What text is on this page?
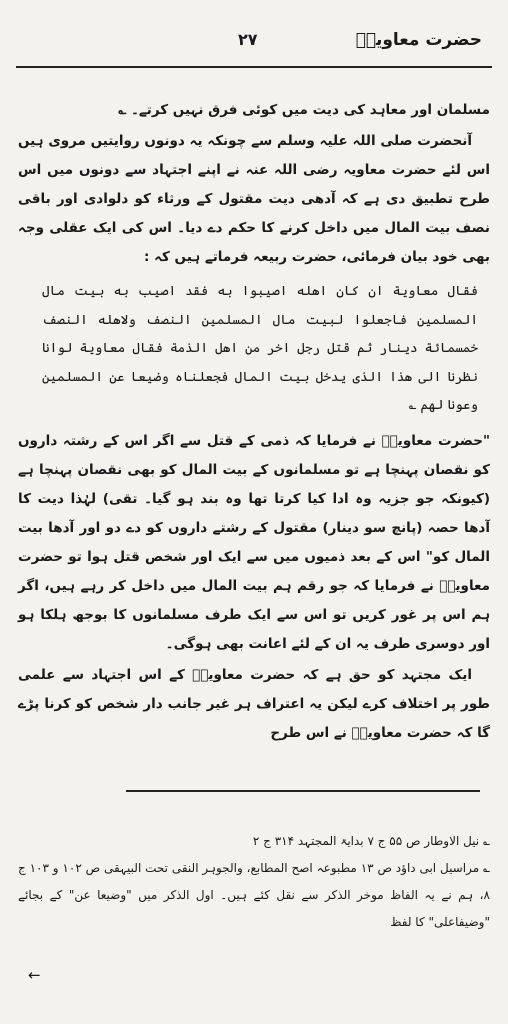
حضرت معاویہؓ
۲۷

مسلمان اور معاہد کی دیت میں کوئی فرق نہیں کرتے۔ ؎

آنحضرت صلی اللہ علیہ وسلم سے چونکہ یہ دونوں روایتیں مروی ہیں اس لئے حضرت معاویہ رضی اللہ عنہ نے اپنے اجتہاد سے دونوں میں اس طرح تطبیق دی ہے کہ آدھی دیت مقتول کے ورثاء کو دلوادی اور باقی نصف بیت المال میں داخل کرنے کا حکم دے دیا۔ اس کی ایک عقلی وجہ بھی خود بیان فرمائی، حضرت ربیعہ فرماتے ہیں کہ :

فقال معاوية ان كان اهله اصيبوا به فقد اصيب به بيت مال المسلمين فاجعلوا لبيت مال المسلمين النصف ولاهله النصف خمسمائة دينار ثم قتل رجل اخر من اهل الذمة فقال معاوية لوانا نظرنا الى هذا الذى يدخل بيت المال فجعلناه وضيعا عن المسلمين وعونا لهم ؎

"حضرت معاویہؓ نے فرمایا کہ ذمی کے قتل سے اگر اس کے رشتہ داروں کو نقصان پہنچا ہے تو مسلمانوں کے بیت المال کو بھی نقصان پہنچا ہے (کیونکہ جو جزیہ وہ ادا کیا کرتا تھا وہ بند ہو گیا۔ تقی) لہٰذا دیت کا آدھا حصہ (پانچ سو دینار) مقتول کے رشتے داروں کو دے دو اور آدھا بیت المال کو" اس کے بعد ذمیوں میں سے ایک اور شخص قتل ہوا تو حضرت معاویہؓ نے فرمایا کہ جو رقم ہم بیت المال میں داخل کر رہے ہیں، اگر ہم اس پر غور کریں تو اس سے ایک طرف مسلمانوں کا بوجھ ہلکا ہو اور دوسری طرف یہ ان کے لئے اعانت بھی ہوگی۔

ایک مجتہد کو حق ہے کہ حضرت معاویہؓ کے اس اجتہاد سے علمی طور پر اختلاف کرے لیکن یہ اعتراف ہر غیر جانب دار شخص کو کرنا پڑے گا کہ حضرت معاویہؓ نے اس طرح

؎ نیل الاوطار ص ۵۵ ج ۷ بدایۃ المجتہد ۳۱۴ ج ۲

؎ مراسیل ابی داؤد ص ۱۳ مطبوعہ اصح المطابع، والجوہر النقی تحت البیہقی ص ۱۰۲ و ۱۰۳ ج ۸، ہم نے یہ الفاظ موخر الذکر سے نقل کئے ہیں۔ اول الذکر میں "وضیعا عن" کے بجائے "وضیفاعلی" کا لفظ

←
